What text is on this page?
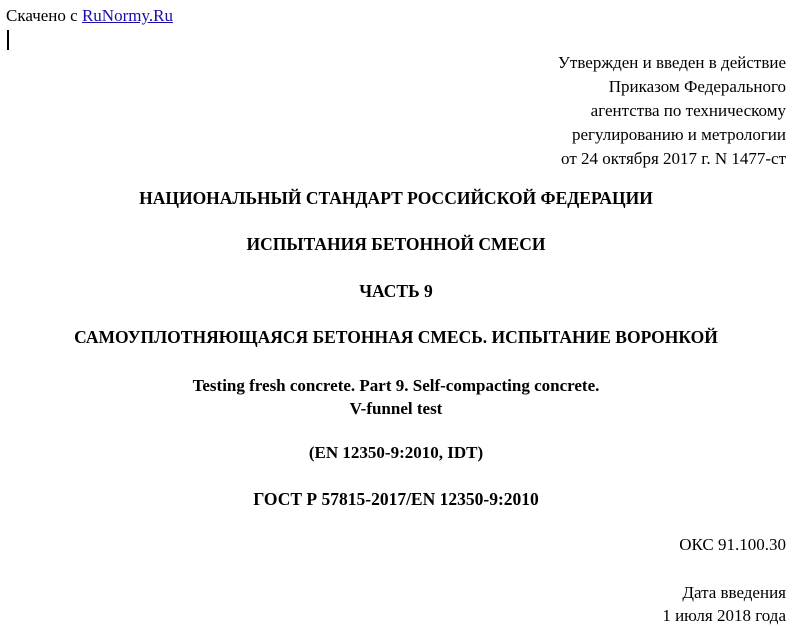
Скачено с RuNormy.Ru
Утвержден и введен в действие
Приказом Федерального
агентства по техническому
регулированию и метрологии
от 24 октября 2017 г. N 1477-ст
НАЦИОНАЛЬНЫЙ СТАНДАРТ РОССИЙСКОЙ ФЕДЕРАЦИИ
ИСПЫТАНИЯ БЕТОННОЙ СМЕСИ
ЧАСТЬ 9
САМОУПЛОТНЯЮЩАЯСЯ БЕТОННАЯ СМЕСЬ. ИСПЫТАНИЕ ВОРОНКОЙ
Testing fresh concrete. Part 9. Self-compacting concrete.
V-funnel test
(EN 12350-9:2010, IDT)
ГОСТ Р 57815-2017/EN 12350-9:2010
ОКС 91.100.30
Дата введения
1 июля 2018 года
